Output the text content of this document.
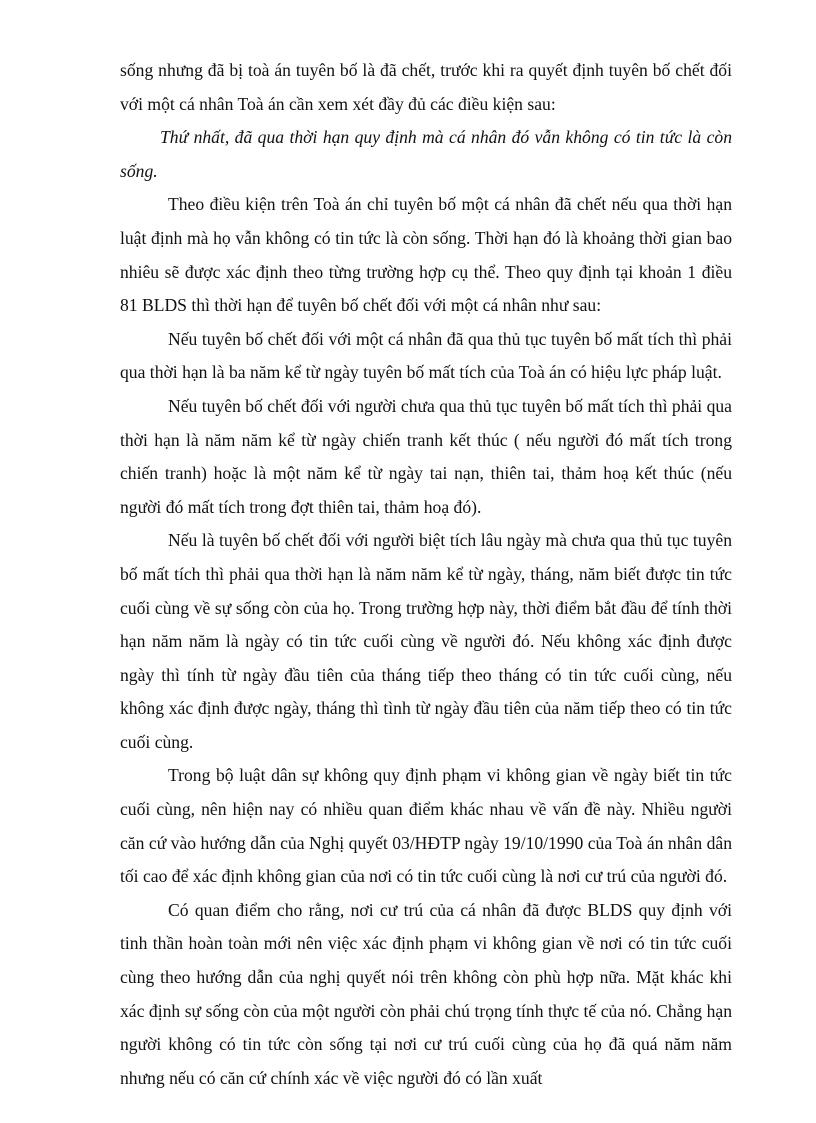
sống nhưng đã bị toà án tuyên bố là đã chết, trước khi ra quyết định tuyên bố chết đối với một cá nhân Toà án cần xem xét đầy đủ các điều kiện sau:

Thứ nhất, đã qua thời hạn quy định mà cá nhân đó vẫn không có tin tức là còn sống.

Theo điều kiện trên Toà án chỉ tuyên bố một cá nhân đã chết nếu qua thời hạn luật định mà họ vẫn không có tin tức là còn sống. Thời hạn đó là khoảng thời gian bao nhiêu sẽ được xác định theo từng trường hợp cụ thể. Theo quy định tại khoản 1 điều 81 BLDS thì thời hạn để tuyên bố chết đối với một cá nhân như sau:

Nếu tuyên bố chết đối với một cá nhân đã qua thủ tục tuyên bố mất tích thì phải qua thời hạn là ba năm kể từ ngày tuyên bố mất tích của Toà án có hiệu lực pháp luật.

Nếu tuyên bố chết đối với người chưa qua thủ tục tuyên bố mất tích thì phải qua thời hạn là năm năm kể từ ngày chiến tranh kết thúc ( nếu người đó mất tích trong chiến tranh) hoặc là một năm kể từ ngày tai nạn, thiên tai, thảm hoạ kết thúc (nếu người đó mất tích trong đợt thiên tai, thảm hoạ đó).

Nếu là tuyên bố chết đối với người biệt tích lâu ngày mà chưa qua thủ tục tuyên bố mất tích thì phải qua thời hạn là năm năm kể từ ngày, tháng, năm biết được tin tức cuối cùng về sự sống còn của họ. Trong trường hợp này, thời điểm bắt đầu để tính thời hạn năm năm là ngày có tin tức cuối cùng về người đó. Nếu không xác định được ngày thì tính từ ngày đầu tiên của tháng tiếp theo tháng có tin tức cuối cùng, nếu không xác định được ngày, tháng thì tình từ ngày đầu tiên của năm tiếp theo có tin tức cuối cùng.

Trong bộ luật dân sự không quy định phạm vi không gian về ngày biết tin tức cuối cùng, nên hiện nay có nhiều quan điểm khác nhau về vấn đề này. Nhiều người căn cứ vào hướng dẫn của Nghị quyết 03/HĐTP ngày 19/10/1990 của Toà án nhân dân tối cao để xác định không gian của nơi có tin tức cuối cùng là nơi cư trú của người đó.

Có quan điểm cho rằng, nơi cư trú của cá nhân đã được BLDS quy định với tinh thần hoàn toàn mới nên việc xác định phạm vi không gian về nơi có tin tức cuối cùng theo hướng dẫn của nghị quyết nói trên không còn phù hợp nữa. Mặt khác khi xác định sự sống còn của một người còn phải chú trọng tính thực tế của nó. Chẳng hạn người không có tin tức còn sống tại nơi cư trú cuối cùng của họ đã quá năm năm nhưng nếu có căn cứ chính xác về việc người đó có lần xuất
